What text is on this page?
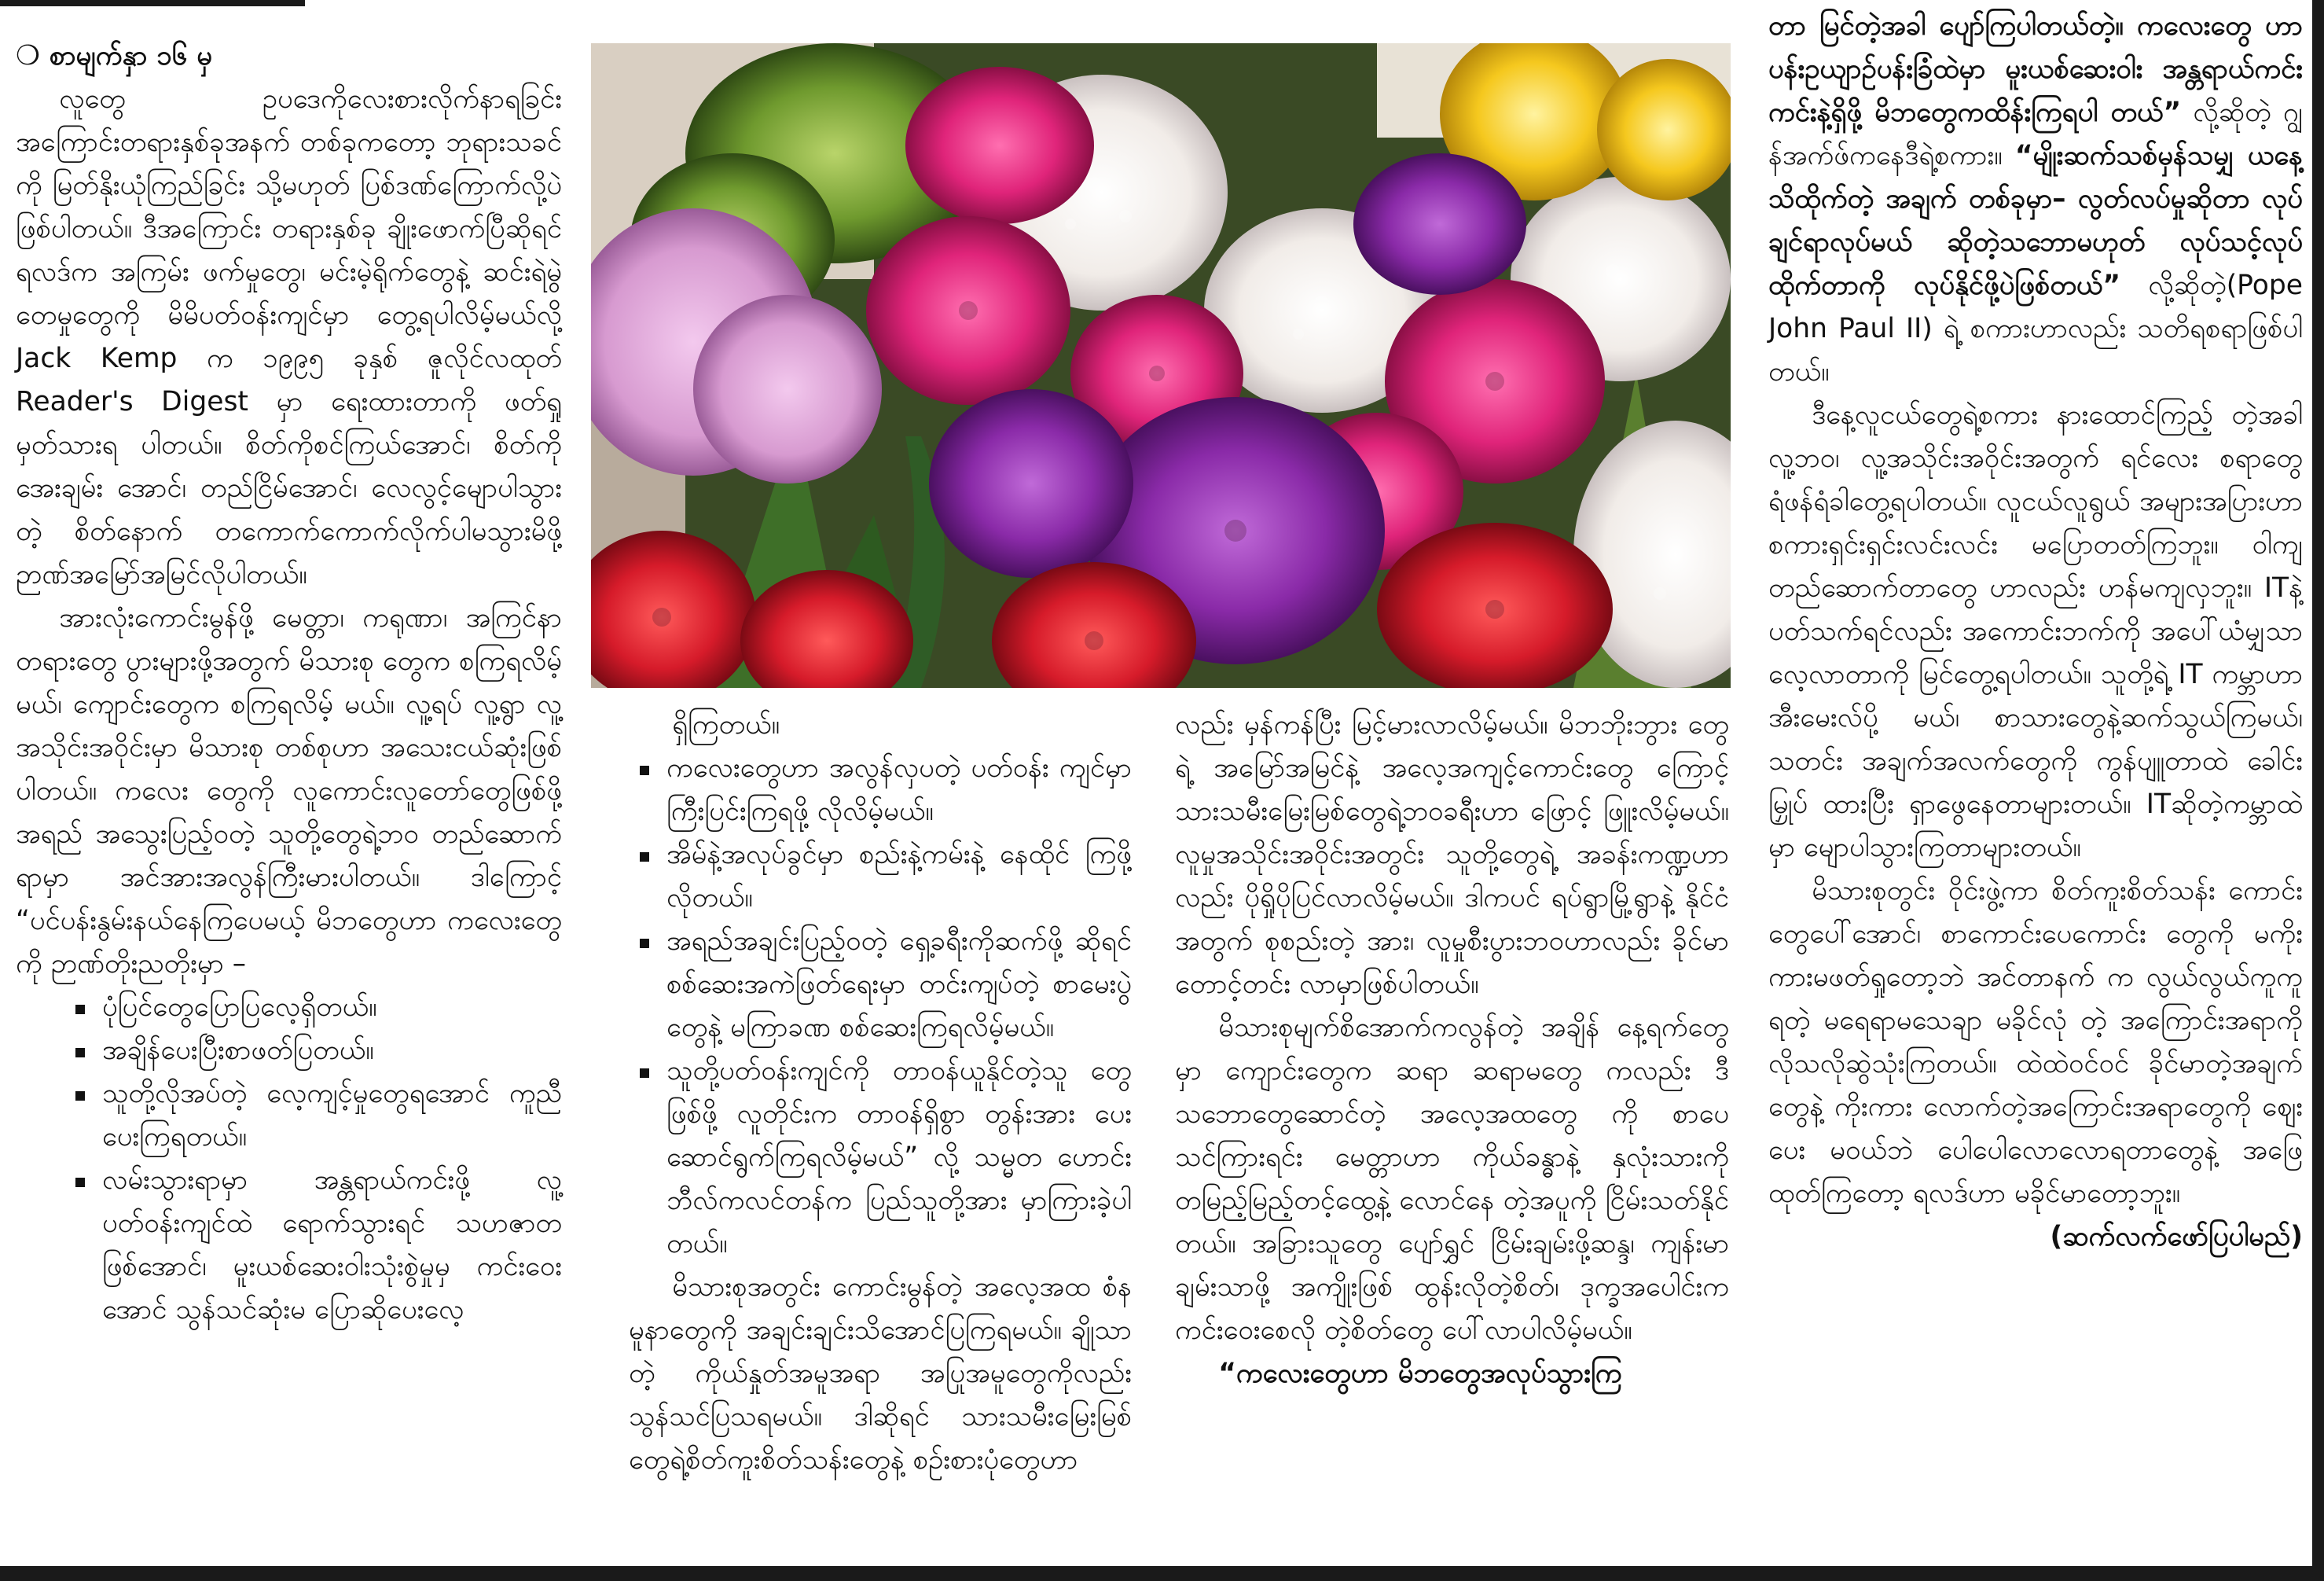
❍ စာမျက်နှာ ၁၆ မှ

လူတွေ ဥပဒေကိုလေးစားလိုက်နာရခြင်း အကြောင်းတရားနှစ်ခုအနက် တစ်ခုကတော့ ဘုရားသခင်ကို မြတ်နိုးယုံကြည်ခြင်း သို့မဟုတ် ပြစ်ဒဏ်ကြောက်လို့ပဲ ဖြစ်ပါတယ်။ ဒီအကြောင်း တရားနှစ်ခု ချိုးဖောက်ပြီဆိုရင် ရလဒ်က အကြမ်း ဖက်မှုတွေ၊ မင်းမဲ့ရိုက်တွေနဲ့ ဆင်းရဲမွဲတေမှုတွေကို မိမိပတ်ဝန်းကျင်မှာ တွေ့ရပါလိမ့်မယ်လို့ Jack Kemp က ၁၉၉၅ ခုနှစ် ဇူလိုင်လထုတ် Reader's Digest မှာ ရေးထားတာကို ဖတ်ရှုမှတ်သားရ ပါတယ်။ စိတ်ကိုစင်ကြယ်အောင်၊ စိတ်ကိုအေးချမ်း အောင်၊ တည်ငြိမ်အောင်၊ လေလွင့်မျောပါသွားတဲ့ စိတ်နောက် တကောက်ကောက်လိုက်ပါမသွားမိဖို့ ဉာဏ်အမြော်အမြင်လိုပါတယ်။

အားလုံးကောင်းမွန်ဖို့ မေတ္တာ၊ ကရုဏာ၊ အကြင်နာတရားတွေ ပွားများဖို့အတွက် မိသားစု တွေက စကြရလိမ့်မယ်၊ ကျောင်းတွေက စကြရလိမ့် မယ်။ လူ့ရပ် လူ့ရွာ လူ့အသိုင်းအဝိုင်းမှာ မိသားစု တစ်စုဟာ အသေးငယ်ဆုံးဖြစ်ပါတယ်။ ကလေး တွေကို လူကောင်းလူတော်တွေဖြစ်ဖို့ အရည် အသွေးပြည့်ဝတဲ့ သူတို့တွေရဲ့ဘဝ တည်ဆောက် ရာမှာ အင်အားအလွန်ကြီးမားပါတယ်။ ဒါကြောင့် “ပင်ပန်းနွမ်းနယ်နေကြပေမယ့် မိဘတွေဟာ ကလေးတွေကို ဉာဏ်တိုးညတိုးမှာ –

ပုံပြင်တွေပြောပြလေ့ရှိတယ်။
အချိန်ပေးပြီးစာဖတ်ပြတယ်။
သူတို့လိုအပ်တဲ့ လေ့ကျင့်မှုတွေရအောင် ကူညီပေးကြရတယ်။
လမ်းသွားရာမှာ အန္တရာယ်ကင်းဖို့ လူ့ ပတ်ဝန်းကျင်ထဲ ရောက်သွားရင် သဟဇာတ ဖြစ်အောင်၊ မူးယစ်ဆေးဝါးသုံးစွဲမှုမှ ကင်းဝေး အောင် သွန်သင်ဆုံးမ ပြောဆိုပေးလေ့

ရှိကြတယ်။

ကလေးတွေဟာ အလွန်လှပတဲ့ ပတ်ဝန်း ကျင်မှာ ကြီးပြင်းကြရဖို့ လိုလိမ့်မယ်။
အိမ်နဲ့အလုပ်ခွင်မှာ စည်းနဲ့ကမ်းနဲ့ နေထိုင် ကြဖို့လိုတယ်။
အရည်အချင်းပြည့်ဝတဲ့ ရှေ့ခရီးကိုဆက်ဖို့ ဆိုရင် စစ်ဆေးအကဲဖြတ်ရေးမှာ တင်းကျပ်တဲ့ စာမေးပွဲတွေနဲ့ မကြာခဏ စစ်ဆေးကြရလိမ့်မယ်။
သူတို့ပတ်ဝန်းကျင်ကို တာဝန်ယူနိုင်တဲ့သူ တွေဖြစ်ဖို့ လူတိုင်းက တာဝန်ရှိစွာ တွန်းအား ပေးဆောင်ရွက်ကြရလိမ့်မယ်” လို့ သမ္မတ ဟောင်း ဘီလ်ကလင်တန်က ပြည်သူတို့အား မှာကြားခဲ့ပါတယ်။

မိသားစုအတွင်း ကောင်းမွန်တဲ့ အလေ့အထ စံနမူနာတွေကို အချင်းချင်းသိအောင်ပြကြရမယ်။ ချိုသာတဲ့ ကိုယ်နှုတ်အမူအရာ အပြုအမူတွေကိုလည်း သွန်သင်ပြသရမယ်။ ဒါဆိုရင် သားသမီးမြေးမြစ် တွေရဲ့စိတ်ကူးစိတ်သန်းတွေနဲ့ စဉ်းစားပုံတွေဟာ

လည်း မှန်ကန်ပြီး မြင့်မားလာလိမ့်မယ်။ မိဘဘိုးဘွား တွေရဲ့ အမြော်အမြင်နဲ့ အလေ့အကျင့်ကောင်းတွေ ကြောင့် သားသမီးမြေးမြစ်တွေရဲ့ဘဝခရီးဟာ ဖြောင့် ဖြူးလိမ့်မယ်။ လူမှုအသိုင်းအဝိုင်းအတွင်း သူတို့တွေရဲ့ အခန်းကဏ္ဍဟာလည်း ပိုရှိုပိုပြင်လာလိမ့်မယ်။ ဒါကပင် ရပ်ရွာမြို့ရွာနဲ့ နိုင်ငံအတွက် စုစည်းတဲ့ အား၊ လူမှုစီးပွားဘဝဟာလည်း ခိုင်မာတောင့်တင်း လာမှာဖြစ်ပါတယ်။

မိသားစုမျက်စိအောက်ကလွန်တဲ့ အချိန် နေ့ရက်တွေမှာ ကျောင်းတွေက ဆရာ ဆရာမတွေ ကလည်း ဒီသဘောတွေဆောင်တဲ့ အလေ့အထတွေ ကို စာပေသင်ကြားရင်း မေတ္တာဟာ ကိုယ်ခန္ဓာနဲ့ နှလုံးသားကို တမြည့်မြည့်တင့်ထွေ့နဲ့ လောင်နေ တဲ့အပူကို ငြိမ်းသတ်နိုင်တယ်။ အခြားသူတွေ ပျော်ရွှင် ငြိမ်းချမ်းဖို့ဆန္ဒ၊ ကျန်းမာချမ်းသာဖို့ အကျိုးဖြစ် ထွန်းလိုတဲ့စိတ်၊ ဒုက္ခအပေါင်းက ကင်းဝေးစေလို တဲ့စိတ်တွေ ပေါ်လာပါလိမ့်မယ်။

“ကလေးတွေဟာ မိဘတွေအလုပ်သွားကြ

တာ မြင်တဲ့အခါ ပျော်ကြပါတယ်တဲ့။ ကလေးတွေ ဟာ ပန်းဥယျာဉ်ပန်းခြံထဲမှာ မူးယစ်ဆေးဝါး အန္တရာယ်ကင်းကင်းနဲ့ရှိဖို့ မိဘတွေကထိန်းကြရပါ တယ်” လို့ဆိုတဲ့ ဂျွန်အက်ဖ်ကနေဒီရဲ့စကား။ “မျိုးဆက်သစ်မှန်သမျှ ယနေ့သိထိုက်တဲ့ အချက် တစ်ခုမှာ– လွတ်လပ်မှုဆိုတာ လုပ်ချင်ရာလုပ်မယ် ဆိုတဲ့သဘောမဟုတ် လုပ်သင့်လုပ်ထိုက်တာကို လုပ်နိုင်ဖို့ပဲဖြစ်တယ်” လို့ဆိုတဲ့(Pope John Paul II) ရဲ့ စကားဟာလည်း သတိရစရာဖြစ်ပါ တယ်။

ဒီနေ့လူငယ်တွေရဲ့စကား နားထောင်ကြည့် တဲ့အခါ လူ့ဘဝ၊ လူ့အသိုင်းအဝိုင်းအတွက် ရင်လေး စရာတွေ ရံဖန်ရံခါတွေ့ရပါတယ်။ လူငယ်လူရွယ် အများအပြားဟာ စကားရှင်းရှင်းလင်းလင်း မပြောတတ်ကြဘူး။ ဝါကျတည်ဆောက်တာတွေ ဟာလည်း ဟန်မကျလှဘူး။ ITနဲ့ပတ်သက်ရင်လည်း အကောင်းဘက်ကို အပေါ်ယံမျှသာ လေ့လာတာကို မြင်တွေ့ရပါတယ်။ သူတို့ရဲ့ IT ကမ္ဘာဟာ အီးမေးလ်ပို့ မယ်၊ စာသားတွေနဲ့ဆက်သွယ်ကြမယ်၊ သတင်း အချက်အလက်တွေကို ကွန်ပျူတာထဲ ခေါင်းမြှုပ် ထားပြီး ရှာဖွေနေတာများတယ်။ ITဆိုတဲ့ကမ္ဘာထဲ မှာ မျောပါသွားကြတာများတယ်။

မိသားစုတွင်း ဝိုင်းဖွဲ့ကာ စိတ်ကူးစိတ်သန်း ကောင်းတွေပေါ်အောင်၊ စာကောင်းပေကောင်း တွေကို မကိုးကားမဖတ်ရှုတော့ဘဲ အင်တာနက် က လွယ်လွယ်ကူကူရတဲ့ မရေရာမသေချာ မခိုင်လုံ တဲ့ အကြောင်းအရာကို လိုသလိုဆွဲသုံးကြတယ်။ ထဲထဲဝင်ဝင် ခိုင်မာတဲ့အချက်တွေနဲ့ ကိုးကား လောက်တဲ့အကြောင်းအရာတွေကို ဈေးပေး မဝယ်ဘဲ ပေါပေါလောလောရတာတွေနဲ့ အဖြေ ထုတ်ကြတော့ ရလဒ်ဟာ မခိုင်မာတော့ဘူး။

(ဆက်လက်ဖော်ပြပါမည်)
